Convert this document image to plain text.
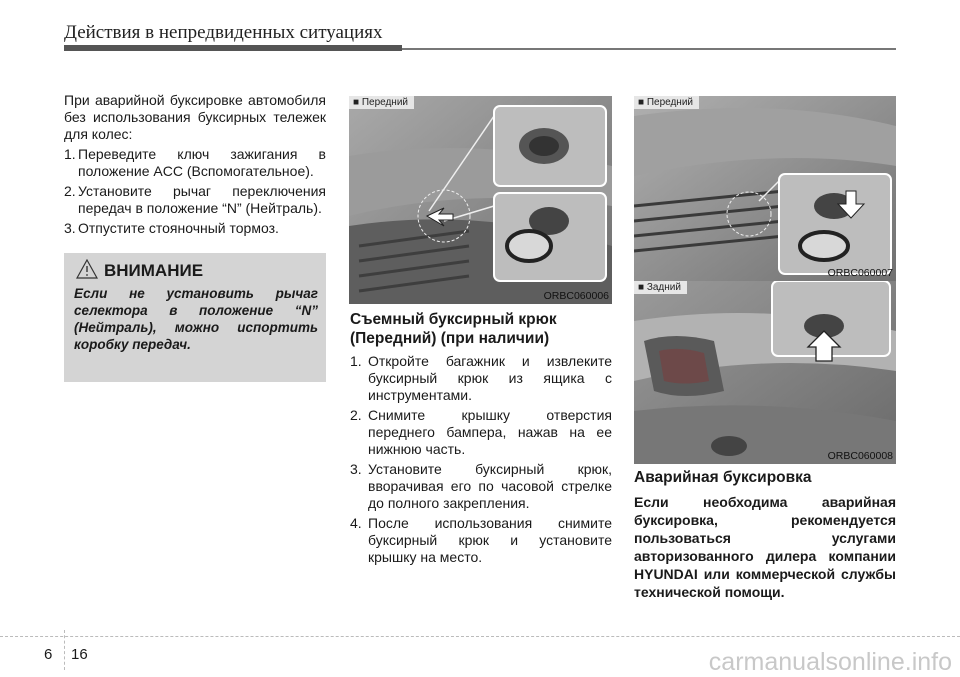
Действия в непредвиденных ситуациях
При аварийной буксировке автомобиля без использования буксирных тележек для колес:
1. Переведите ключ зажигания в положение ACC (Вспомогательное).
2. Установите рычаг переключения передач в положение “N” (Нейтраль).
3. Отпустите стояночный тормоз.
ВНИМАНИЕ
Если не установить рычаг селектора в положение “N” (Нейтраль), можно испортить коробку передач.
■ Передний
ORBC060006
Съемный буксирный крюк (Передний) (при наличии)
1. Откройте багажник и извлеките буксирный крюк из ящика с инструментами.
2. Снимите крышку отверстия переднего бампера, нажав на ее нижнюю часть.
3. Установите буксирный крюк, вворачивая его по часовой стрелке до полного закрепления.
4. После использования снимите буксирный крюк и установите крышку на место.
■ Передний
ORBC060007
■ Задний
ORBC060008
Аварийная буксировка
Если необходима аварийная буксировка, рекомендуется пользоваться услугами авторизованного дилера компании HYUNDAI или коммерческой службы технической помощи.
6 16	carmanualsonline.info
